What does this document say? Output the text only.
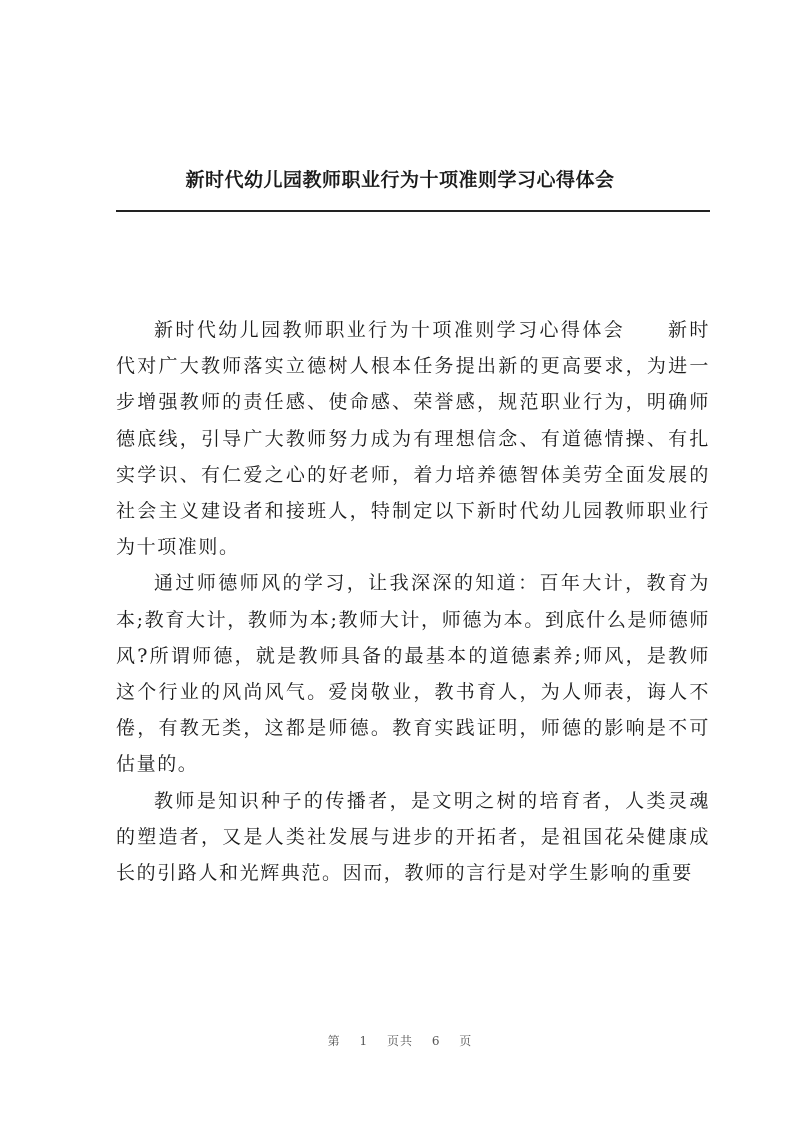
新时代幼儿园教师职业行为十项准则学习心得体会

新时代幼儿园教师职业行为十项准则学习心得体会　　新时代对广大教师落实立德树人根本任务提出新的更高要求，为进一步增强教师的责任感、使命感、荣誉感，规范职业行为，明确师德底线，引导广大教师努力成为有理想信念、有道德情操、有扎实学识、有仁爱之心的好老师，着力培养德智体美劳全面发展的社会主义建设者和接班人，特制定以下新时代幼儿园教师职业行为十项准则。

通过师德师风的学习，让我深深的知道：百年大计，教育为本;教育大计，教师为本;教师大计，师德为本。到底什么是师德师风?所谓师德，就是教师具备的最基本的道德素养;师风，是教师这个行业的风尚风气。爱岗敬业，教书育人，为人师表，诲人不倦，有教无类，这都是师德。教育实践证明，师德的影响是不可估量的。

教师是知识种子的传播者，是文明之树的培育者，人类灵魂的塑造者，又是人类社发展与进步的开拓者，是祖国花朵健康成长的引路人和光辉典范。因而，教师的言行是对学生影响的重要

第 1 页共 6 页
